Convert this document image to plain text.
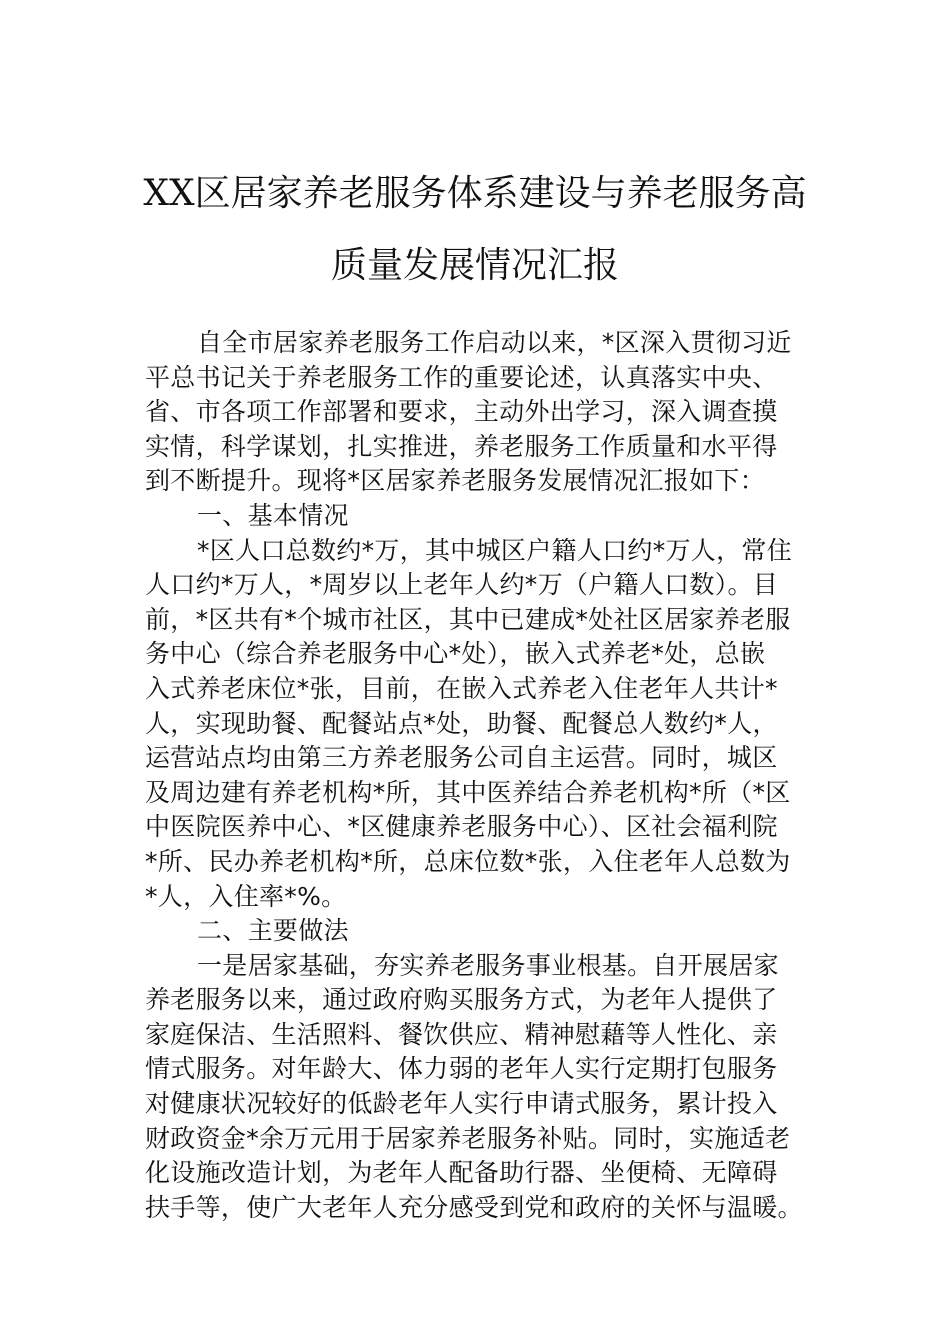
XX区居家养老服务体系建设与养老服务高
质量发展情况汇报

自全市居家养老服务工作启动以来，*区深入贯彻习近
平总书记关于养老服务工作的重要论述，认真落实中央、
省、市各项工作部署和要求，主动外出学习，深入调查摸
实情，科学谋划，扎实推进，养老服务工作质量和水平得
到不断提升。现将*区居家养老服务发展情况汇报如下：

一、基本情况

*区人口总数约*万，其中城区户籍人口约*万人，常住
人口约*万人，*周岁以上老年人约*万（户籍人口数）。目
前，*区共有*个城市社区，其中已建成*处社区居家养老服
务中心（综合养老服务中心*处），嵌入式养老*处，总嵌
入式养老床位*张，目前，在嵌入式养老入住老年人共计*
人，实现助餐、配餐站点*处，助餐、配餐总人数约*人，
运营站点均由第三方养老服务公司自主运营。同时，城区
及周边建有养老机构*所，其中医养结合养老机构*所（*区
中医院医养中心、*区健康养老服务中心）、区社会福利院
*所、民办养老机构*所，总床位数*张，入住老年人总数为
*人，入住率*%。

二、主要做法

一是居家基础，夯实养老服务事业根基。自开展居家
养老服务以来，通过政府购买服务方式，为老年人提供了
家庭保洁、生活照料、餐饮供应、精神慰藉等人性化、亲
情式服务。对年龄大、体力弱的老年人实行定期打包服务
对健康状况较好的低龄老年人实行申请式服务，累计投入
财政资金*余万元用于居家养老服务补贴。同时，实施适老
化设施改造计划，为老年人配备助行器、坐便椅、无障碍
扶手等，使广大老年人充分感受到党和政府的关怀与温暖。
